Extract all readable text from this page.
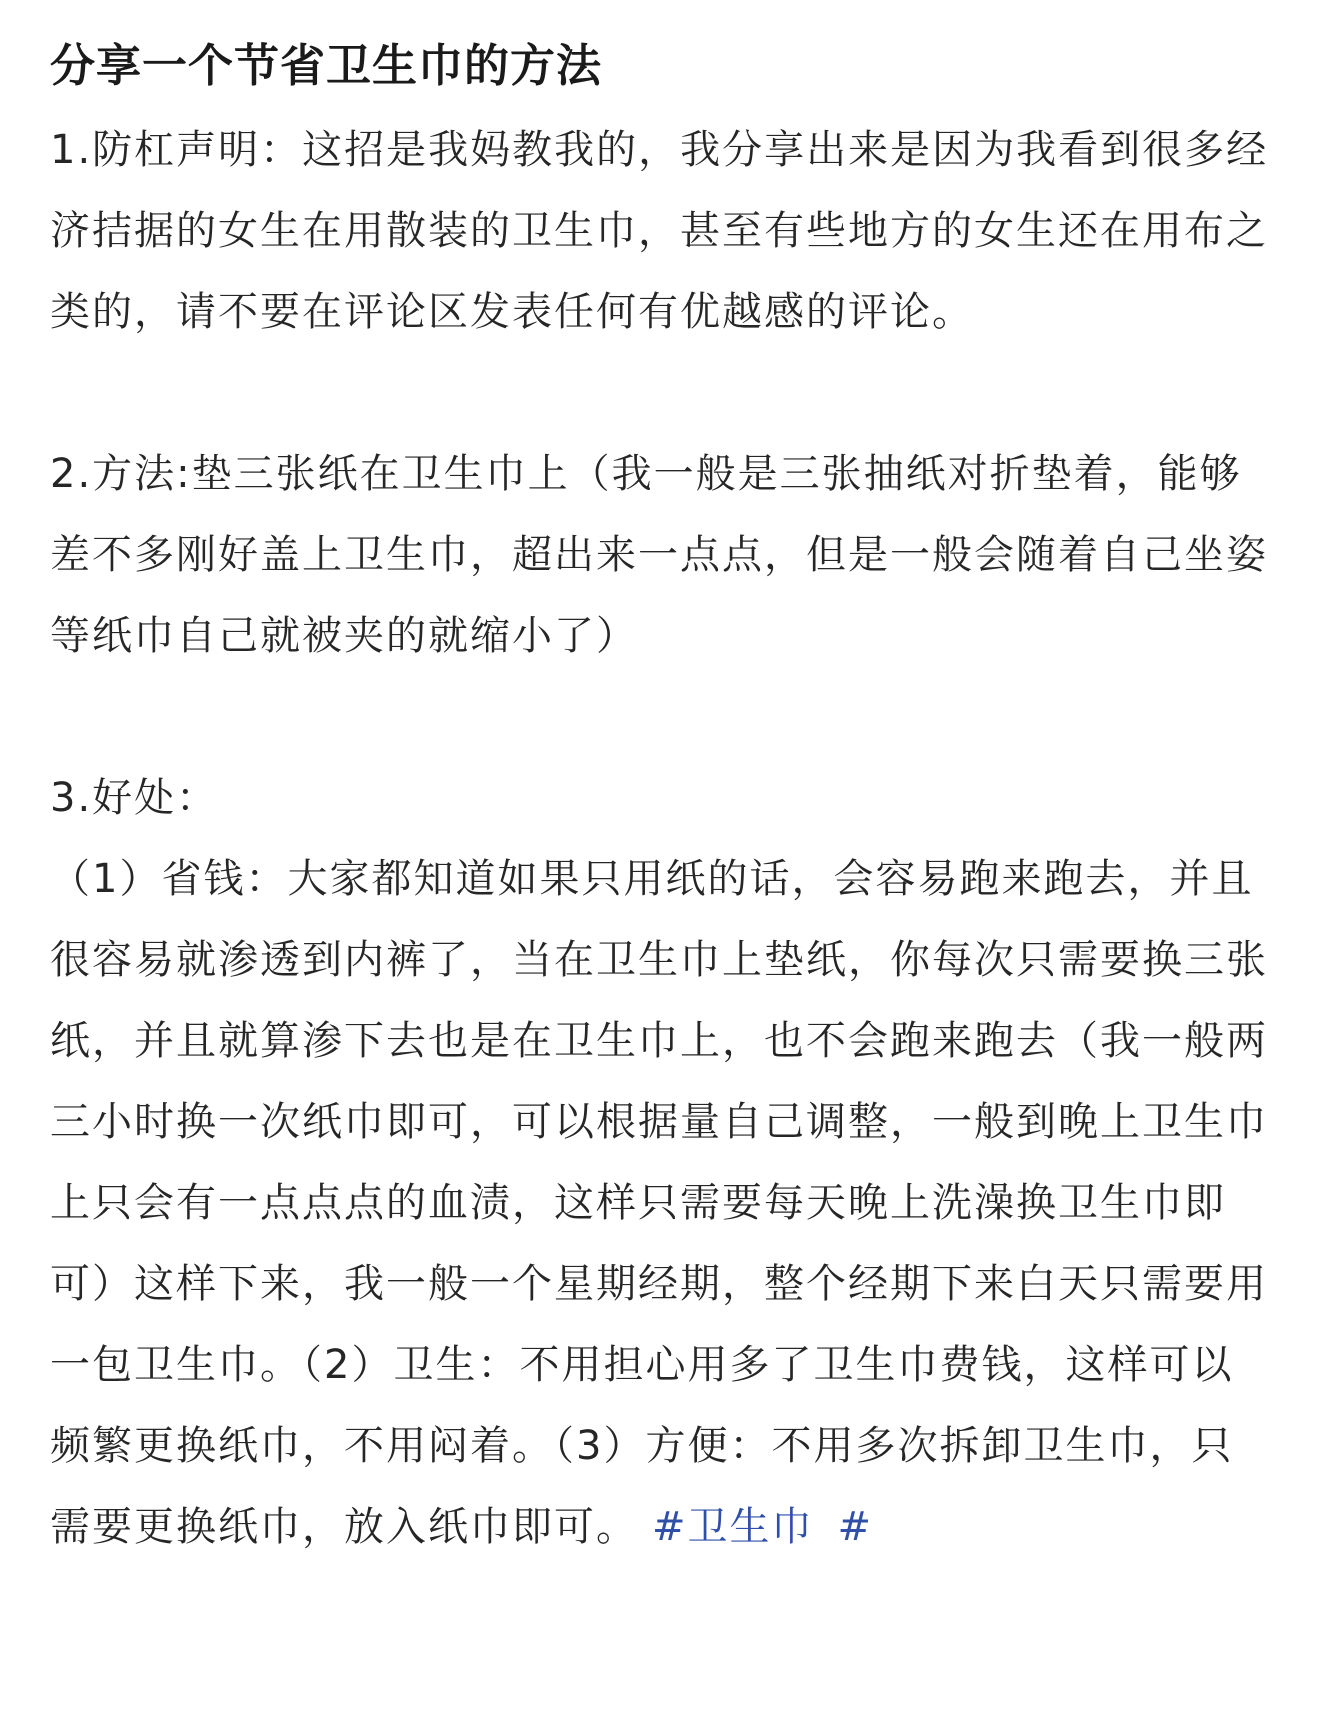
分享一个节省卫生巾的方法

1.防杠声明：这招是我妈教我的，我分享出来是因为我看到很多经济拮据的女生在用散装的卫生巾，甚至有些地方的女生还在用布之类的，请不要在评论区发表任何有优越感的评论。

2.方法:垫三张纸在卫生巾上（我一般是三张抽纸对折垫着，能够差不多刚好盖上卫生巾，超出来一点点，但是一般会随着自己坐姿等纸巾自己就被夹的就缩小了）

3.好处：

（1）省钱：大家都知道如果只用纸的话，会容易跑来跑去，并且很容易就渗透到内裤了，当在卫生巾上垫纸，你每次只需要换三张纸，并且就算渗下去也是在卫生巾上，也不会跑来跑去（我一般两三小时换一次纸巾即可，可以根据量自己调整，一般到晚上卫生巾上只会有一点点点的血渍，这样只需要每天晚上洗澡换卫生巾即可）这样下来，我一般一个星期经期，整个经期下来白天只需要用一包卫生巾。（2）卫生：不用担心用多了卫生巾费钱，这样可以频繁更换纸巾，不用闷着。（3）方便：不用多次拆卸卫生巾，只需要更换纸巾，放入纸巾即可。 #卫生巾 #
